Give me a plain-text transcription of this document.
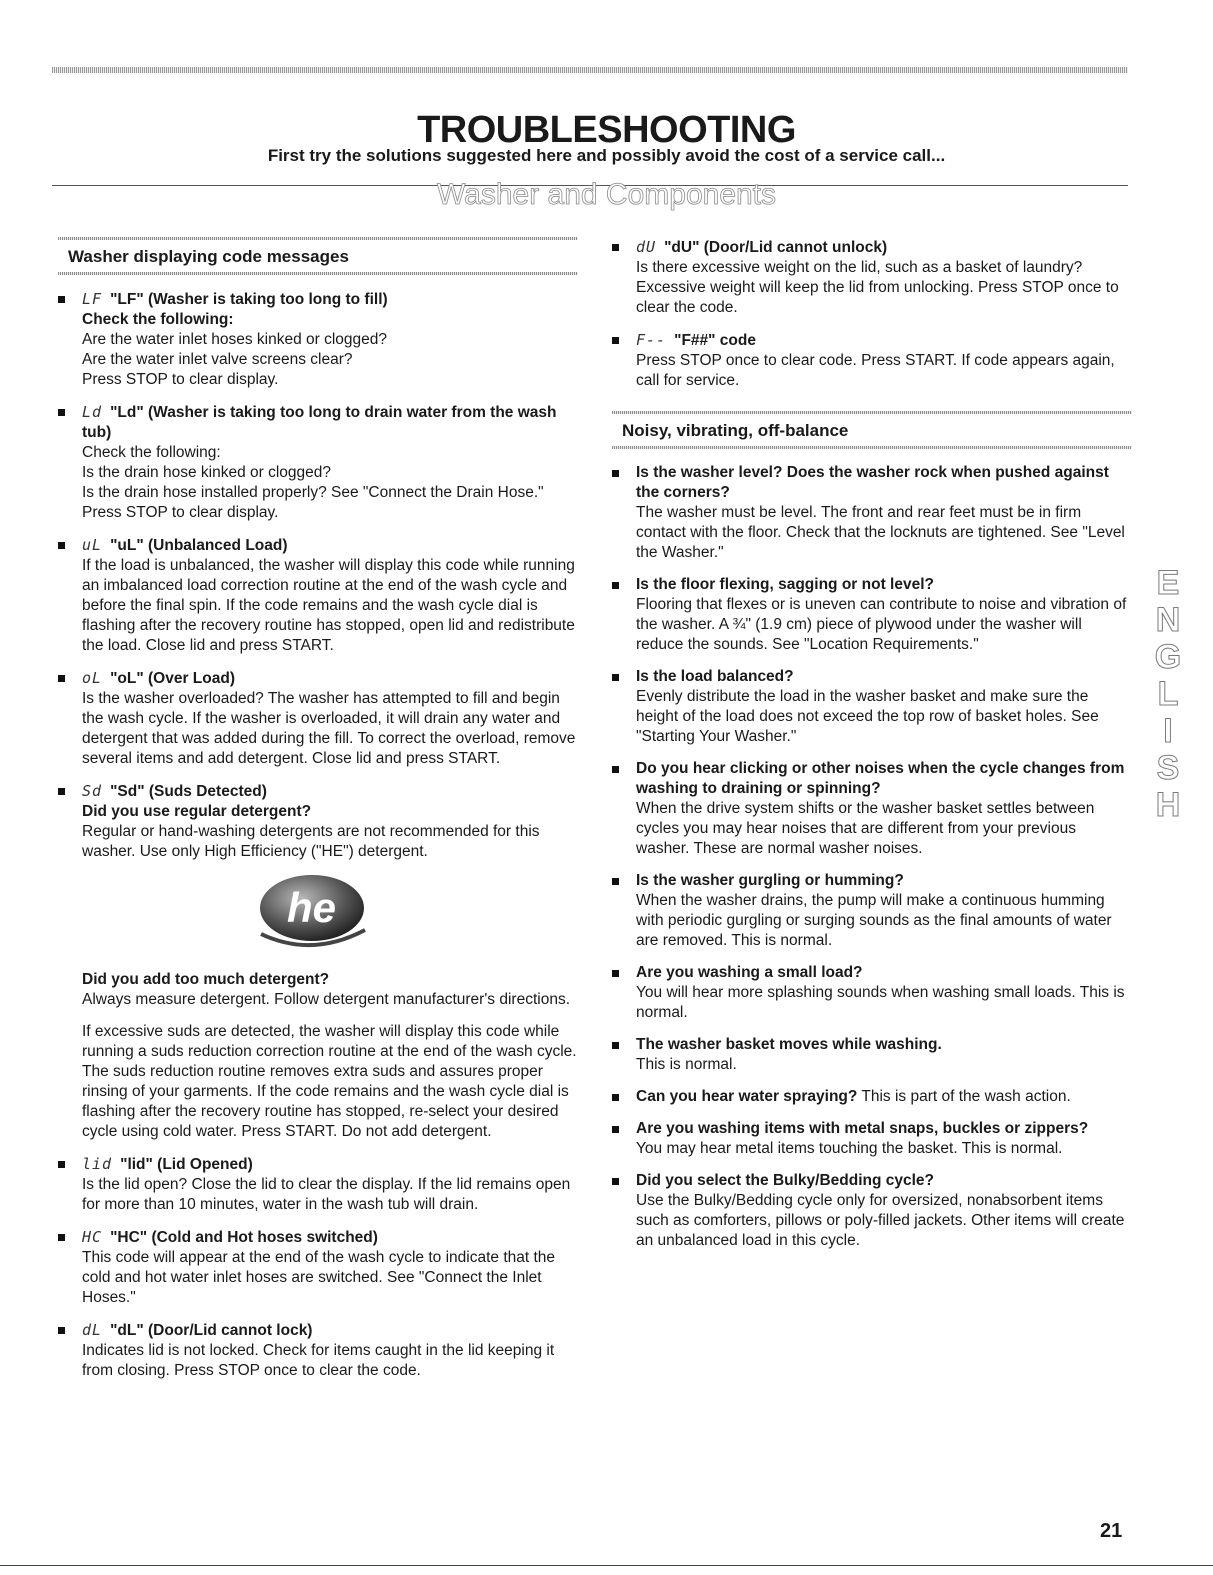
TROUBLESHOOTING
First try the solutions suggested here and possibly avoid the cost of a service call...
Washer and Components
Washer displaying code messages
LF "LF" (Washer is taking too long to fill)
Check the following:
Are the water inlet hoses kinked or clogged?
Are the water inlet valve screens clear?
Press STOP to clear display.
Ld "Ld" (Washer is taking too long to drain water from the wash tub)
Check the following:
Is the drain hose kinked or clogged?
Is the drain hose installed properly? See "Connect the Drain Hose." Press STOP to clear display.
uL "uL" (Unbalanced Load)
If the load is unbalanced, the washer will display this code while running an imbalanced load correction routine at the end of the wash cycle and before the final spin. If the code remains and the wash cycle dial is flashing after the recovery routine has stopped, open lid and redistribute the load. Close lid and press START.
oL "oL" (Over Load)
Is the washer overloaded? The washer has attempted to fill and begin the wash cycle. If the washer is overloaded, it will drain any water and detergent that was added during the fill. To correct the overload, remove several items and add detergent. Close lid and press START.
Sd "Sd" (Suds Detected)
Did you use regular detergent?
Regular or hand-washing detergents are not recommended for this washer. Use only High Efficiency ("HE") detergent.
he
Did you add too much detergent?
Always measure detergent. Follow detergent manufacturer's directions.
If excessive suds are detected, the washer will display this code while running a suds reduction correction routine at the end of the wash cycle. The suds reduction routine removes extra suds and assures proper rinsing of your garments. If the code remains and the wash cycle dial is flashing after the recovery routine has stopped, re-select your desired cycle using cold water. Press START. Do not add detergent.
lid "lid" (Lid Opened)
Is the lid open? Close the lid to clear the display. If the lid remains open for more than 10 minutes, water in the wash tub will drain.
HC "HC" (Cold and Hot hoses switched)
This code will appear at the end of the wash cycle to indicate that the cold and hot water inlet hoses are switched. See "Connect the Inlet Hoses."
dL "dL" (Door/Lid cannot lock)
Indicates lid is not locked. Check for items caught in the lid keeping it from closing. Press STOP once to clear the code.
dU "dU" (Door/Lid cannot unlock)
Is there excessive weight on the lid, such as a basket of laundry? Excessive weight will keep the lid from unlocking. Press STOP once to clear the code.
F-- "F##" code
Press STOP once to clear code. Press START. If code appears again, call for service.
Noisy, vibrating, off-balance
Is the washer level? Does the washer rock when pushed against the corners?
The washer must be level. The front and rear feet must be in firm contact with the floor. Check that the locknuts are tightened. See "Level the Washer."
Is the floor flexing, sagging or not level?
Flooring that flexes or is uneven can contribute to noise and vibration of the washer. A ¾" (1.9 cm) piece of plywood under the washer will reduce the sounds. See "Location Requirements."
Is the load balanced?
Evenly distribute the load in the washer basket and make sure the height of the load does not exceed the top row of basket holes. See "Starting Your Washer."
Do you hear clicking or other noises when the cycle changes from washing to draining or spinning?
When the drive system shifts or the washer basket settles between cycles you may hear noises that are different from your previous washer. These are normal washer noises.
Is the washer gurgling or humming?
When the washer drains, the pump will make a continuous humming with periodic gurgling or surging sounds as the final amounts of water are removed. This is normal.
Are you washing a small load?
You will hear more splashing sounds when washing small loads. This is normal.
The washer basket moves while washing.
This is normal.
Can you hear water spraying? This is part of the wash action.
Are you washing items with metal snaps, buckles or zippers?
You may hear metal items touching the basket. This is normal.
Did you select the Bulky/Bedding cycle?
Use the Bulky/Bedding cycle only for oversized, nonabsorbent items such as comforters, pillows or poly-filled jackets. Other items will create an unbalanced load in this cycle.
E
N
G
L
I
S
H
21
